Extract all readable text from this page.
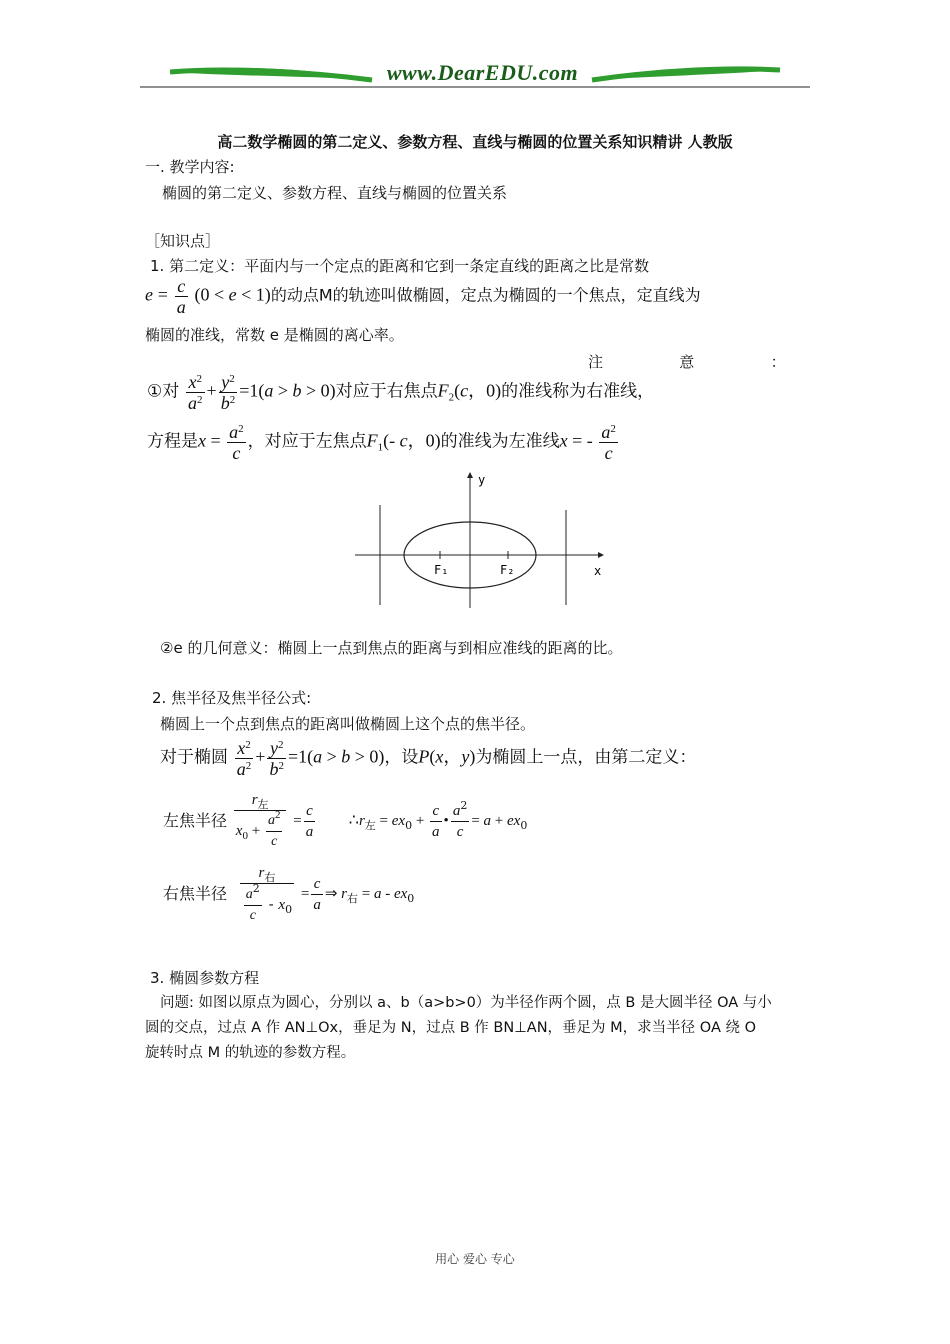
www.DearEDU.com
高二数学椭圆的第二定义、参数方程、直线与椭圆的位置关系知识精讲 人教版
一. 教学内容:
椭圆的第二定义、参数方程、直线与椭圆的位置关系
［知识点］
1. 第二定义：平面内与一个定点的距离和它到一条定直线的距离之比是常数
$e = \frac{c}{a} (0 < e < 1)$的动点M的轨迹叫做椭圆，定点为椭圆的一个焦点，定直线为
椭圆的准线，常数 e 是椭圆的离心率。
注                意                ：
①对 $\frac{x^2}{a^2} + \frac{y^2}{b^2} =1(a > b > 0)$对应于右焦点$F_2(c$，0)的准线称为右准线，
方程是$x = \frac{a^2}{c}$ ，对应于左焦点$F_1(-$ c，0)的准线为左准线x = - $\frac{a^2}{c}$
y
x
F₁	F₂
②e 的几何意义：椭圆上一点到焦点的距离与到相应准线的距离的比。
2. 焦半径及焦半径公式:
椭圆上一个点到焦点的距离叫做椭圆上这个点的焦半径。
对于椭圆 $\frac{x^2}{a^2} + \frac{y^2}{b^2} =1(a > b > 0)$，设P(x，y)为椭圆上一点，由第二定义：
左焦半径 $\frac{r_左}{x_0 + \frac{a^2}{c}} = \frac{c}{a}$ $\therefore r_左 = ex_0 + \frac{c}{a}$ • $\frac{a^2}{c} = a + ex_0$
右焦半径 $\frac{r_右}{\frac{a^2}{c} - x_0} = \frac{c}{a}$ ⇒ $r_右 = a - ex_0$
3. 椭圆参数方程
问题: 如图以原点为圆心，分别以 a、b（a>b>0）为半径作两个圆，点 B 是大圆半径 OA 与小
圆的交点，过点 A 作 AN⊥Ox，垂足为 N，过点 B 作 BN⊥AN，垂足为 M，求当半径 OA 绕 O
旋转时点 M 的轨迹的参数方程。
用心 爱心 专心
